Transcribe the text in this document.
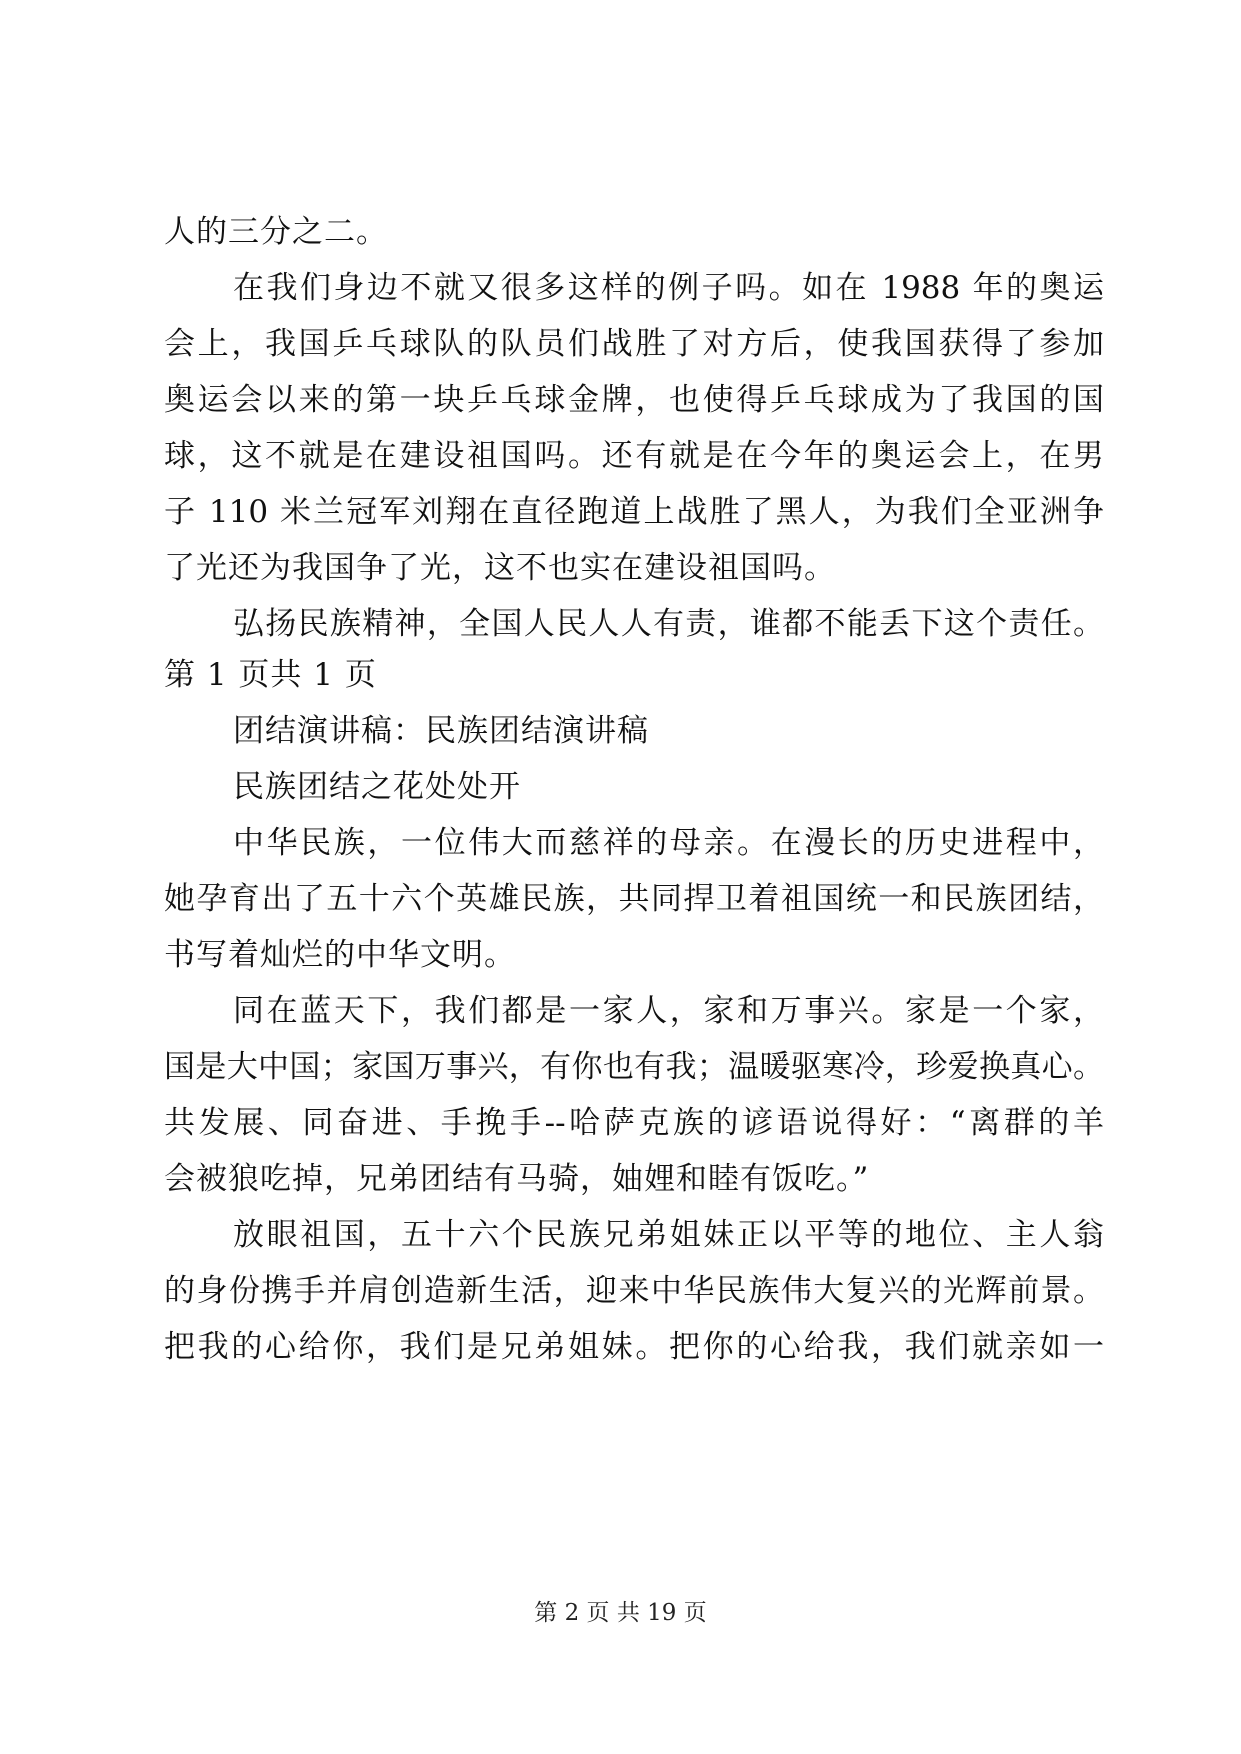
人的三分之二。
在我们身边不就又很多这样的例子吗。如在 1988 年的奥运
会上，我国乒乓球队的队员们战胜了对方后，使我国获得了参加
奥运会以来的第一块乒乓球金牌，也使得乒乓球成为了我国的国
球，这不就是在建设祖国吗。还有就是在今年的奥运会上，在男
子 110 米兰冠军刘翔在直径跑道上战胜了黑人，为我们全亚洲争
了光还为我国争了光，这不也实在建设祖国吗。
弘扬民族精神，全国人民人人有责，谁都不能丢下这个责任。
第 1 页共 1 页
团结演讲稿：民族团结演讲稿
民族团结之花处处开
中华民族，一位伟大而慈祥的母亲。在漫长的历史进程中，
她孕育出了五十六个英雄民族，共同捍卫着祖国统一和民族团结，
书写着灿烂的中华文明。
同在蓝天下，我们都是一家人，家和万事兴。家是一个家，
国是大中国；家国万事兴，有你也有我；温暖驱寒冷，珍爱换真心。
共发展、同奋进、手挽手--哈萨克族的谚语说得好：“离群的羊
会被狼吃掉，兄弟团结有马骑，妯娌和睦有饭吃。”
放眼祖国，五十六个民族兄弟姐妹正以平等的地位、主人翁
的身份携手并肩创造新生活，迎来中华民族伟大复兴的光辉前景。
把我的心给你，我们是兄弟姐妹。把你的心给我，我们就亲如一
第 2 页 共 19 页
